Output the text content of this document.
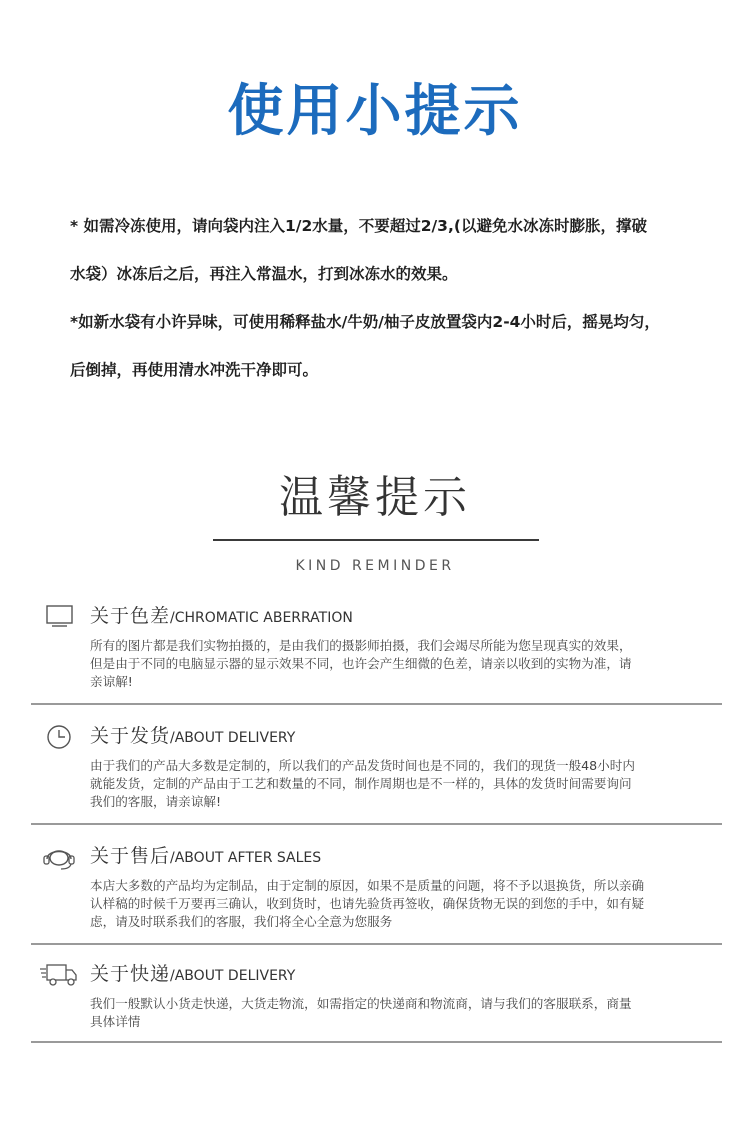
使用小提示
* 如需冷冻使用，请向袋内注入1/2水量，不要超过2/3,(以避免水冰冻时膨胀，撑破
水袋）冰冻后之后，再注入常温水，打到冰冻水的效果。
*如新水袋有小许异味，可使用稀释盐水/牛奶/柚子皮放置袋内2-4小时后，摇晃均匀，
后倒掉，再使用清水冲洗干净即可。
温馨提示
KIND REMINDER
关于色差/CHROMATIC ABERRATION
所有的图片都是我们实物拍摄的，是由我们的摄影师拍摄，我们会竭尽所能为您呈现真实的效果，
但是由于不同的电脑显示器的显示效果不同，也许会产生细微的色差，请亲以收到的实物为准，请
亲谅解!
关于发货/ABOUT DELIVERY
由于我们的产品大多数是定制的，所以我们的产品发货时间也是不同的，我们的现货一般48小时内
就能发货，定制的产品由于工艺和数量的不同，制作周期也是不一样的，具体的发货时间需要询问
我们的客服，请亲谅解!
关于售后/ABOUT AFTER SALES
本店大多数的产品均为定制品，由于定制的原因，如果不是质量的问题，将不予以退换货，所以亲确
认样稿的时候千万要再三确认，收到货时，也请先验货再签收，确保货物无误的到您的手中，如有疑
虑，请及时联系我们的客服，我们将全心全意为您服务
关于快递/ABOUT DELIVERY
我们一般默认小货走快递，大货走物流，如需指定的快递商和物流商，请与我们的客服联系，商量
具体详情
